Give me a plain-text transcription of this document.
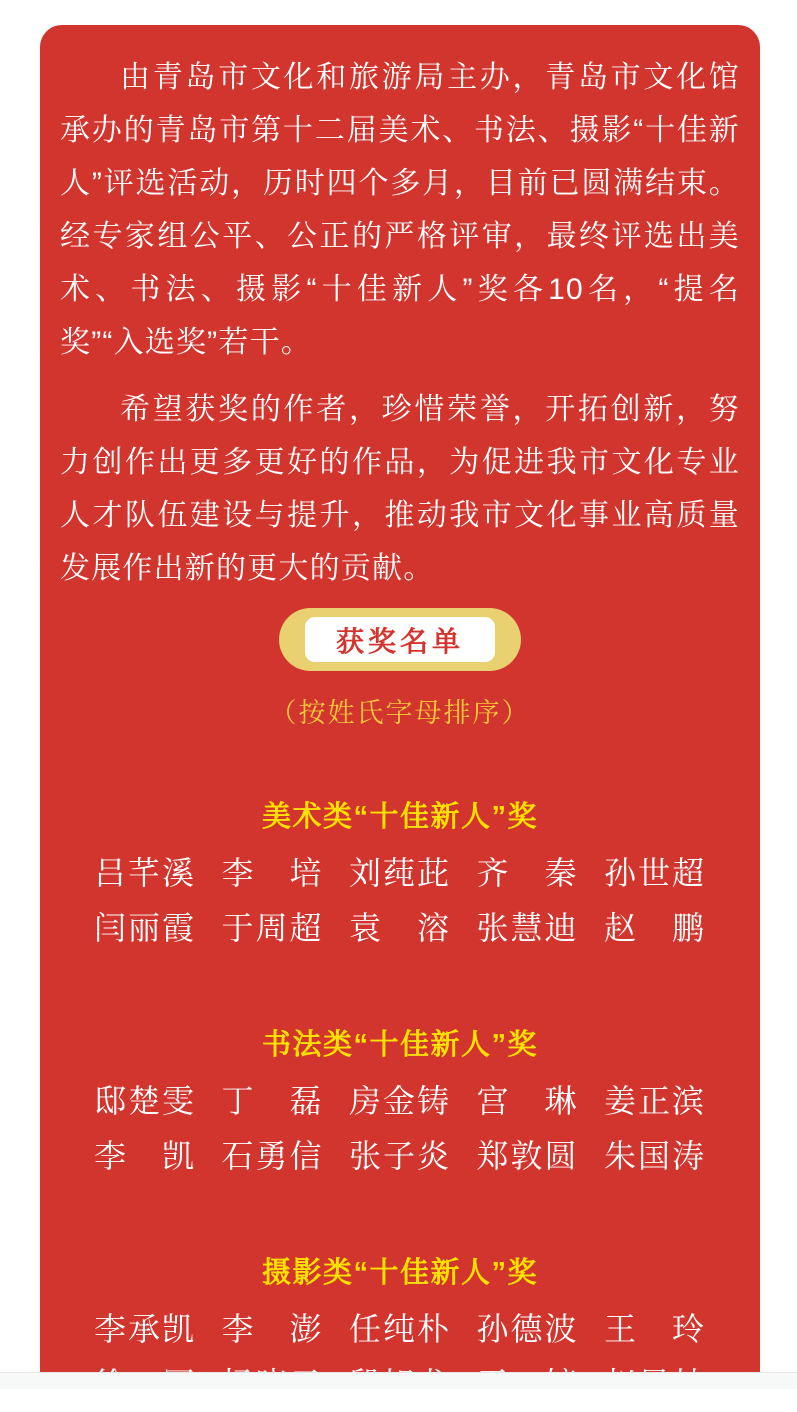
由青岛市文化和旅游局主办，青岛市文化馆承办的青岛市第十二届美术、书法、摄影“十佳新人”评选活动，历时四个多月，目前已圆满结束。经专家组公平、公正的严格评审，最终评选出美术、书法、摄影“十佳新人”奖各10名，“提名奖”“入选奖”若干。

希望获奖的作者，珍惜荣誉，开拓创新，努力创作出更多更好的作品，为促进我市文化专业人才队伍建设与提升，推动我市文化事业高质量发展作出新的更大的贡献。

获奖名单
（按姓氏字母排序）
美术类“十佳新人”奖
吕芊溪 李　培 刘莼茈 齐　秦 孙世超
闫丽霞 于周超 袁　溶 张慧迪 赵　鹏
书法类“十佳新人”奖
邸楚雯 丁　磊 房金铸 宫　琳 姜正滨
李　凯 石勇信 张子炎 郑敦圆 朱国涛
摄影类“十佳新人”奖
李承凯 李　澎 任纯朴 孙德波 王　玲
